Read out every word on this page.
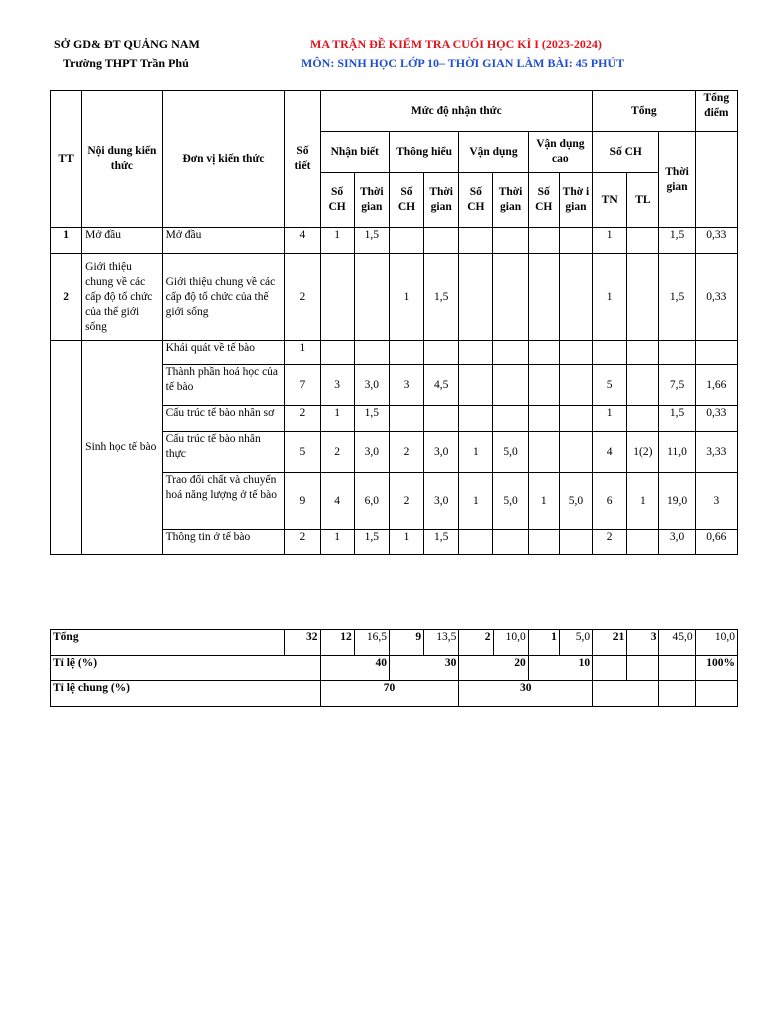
SỞ GD& ĐT QUẢNG NAM
Trường THPT Trần Phú
MA TRẬN ĐỀ KIỂM TRA CUỐI HỌC KÌ I (2023-2024)
MÔN: SINH HỌC LỚP 10– THỜI GIAN LÀM BÀI: 45 PHÚT
TT	Nội dung kiến thức	Đơn vị kiến thức	Số tiết	Mức độ nhận thức								Tổng			Tổng điểm
				Nhận biết		Thông hiểu		Vận dụng		Vận dụng cao		Số CH		Thời gian	
				Số CH	Thời gian	Số CH	Thời gian	Số CH	Thời gian	Số CH	Thờ i gian	TN	TL		
1	Mở đầu	Mở đầu	4	1	1,5							1		1,5	0,33
2	Giới thiệu chung về các cấp độ tổ chức của thế giới sống	Giới thiệu chung về các cấp độ tổ chức của thế giới sống	2			1	1,5					1		1,5	0,33
	Sinh học tế bào	Khái quát về tế bào	1												
		Thành phần hoá học của tế bào	7	3	3,0	3	4,5					5		7,5	1,66
		Cấu trúc tế bào nhân sơ	2	1	1,5							1		1,5	0,33
		Cấu trúc tế bào nhân thực	5	2	3,0	2	3,0	1	5,0			4	1(2)	11,0	3,33
		Trao đổi chất và chuyển hoá năng lượng ở tế bào	9	4	6,0	2	3,0	1	5,0	1	5,0	6	1	19,0	3
		Thông tin ở tế bào	2	1	1,5	1	1,5					2		3,0	0,66
Tổng	32	12	16,5	9	13,5	2	10,0	1	5,0	21	3	45,0	10,0
Tỉ lệ (%)		40		30		20		10					100%
Tỉ lệ chung (%)		70				30							
